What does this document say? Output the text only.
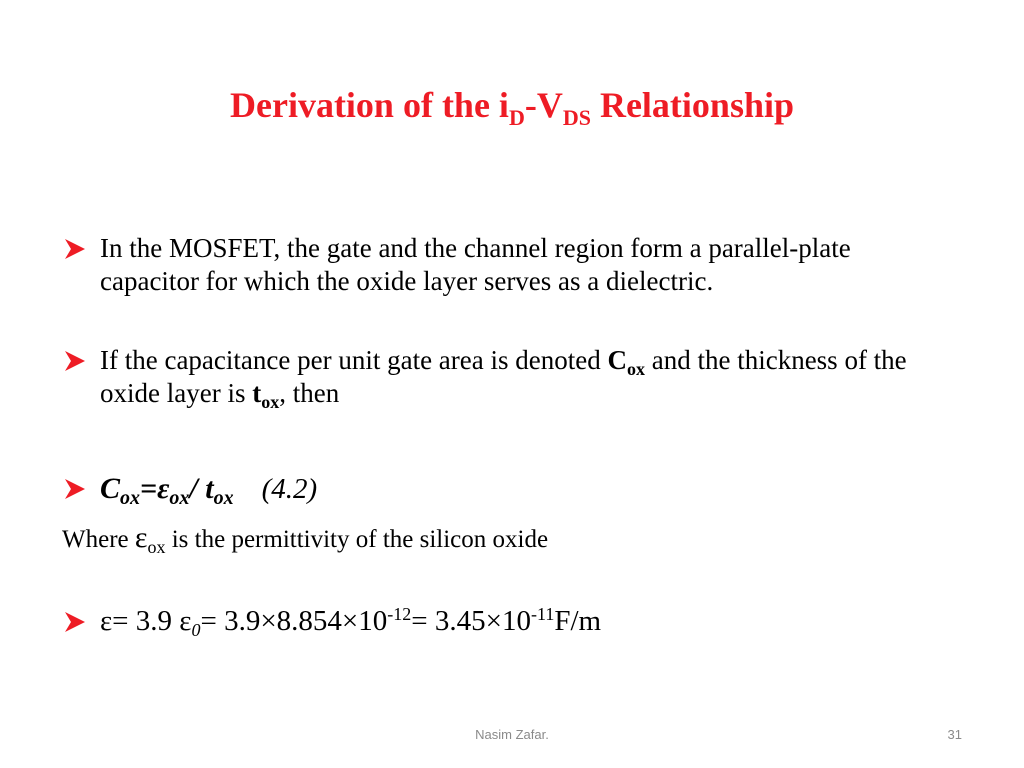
Derivation of the $i_D-V_{DS}$ Relationship
In the MOSFET, the gate and the channel region form a parallel-plate capacitor for which the oxide layer serves as a dielectric.
If the capacitance per unit gate area is denoted $C_{ox}$ and the thickness of the oxide layer is $t_{ox}$, then
$C_{ox}=\varepsilon_{ox}/$ $t_{ox}$ (4.2)
Where $\varepsilon_{ox}$ is the permittivity of the silicon oxide
ε= 3.9 $\varepsilon_0= 3.9\times 8.854\times 10^{-12}= 3.45\times 10^{-11}F/m$
Nasim Zafar.	31
